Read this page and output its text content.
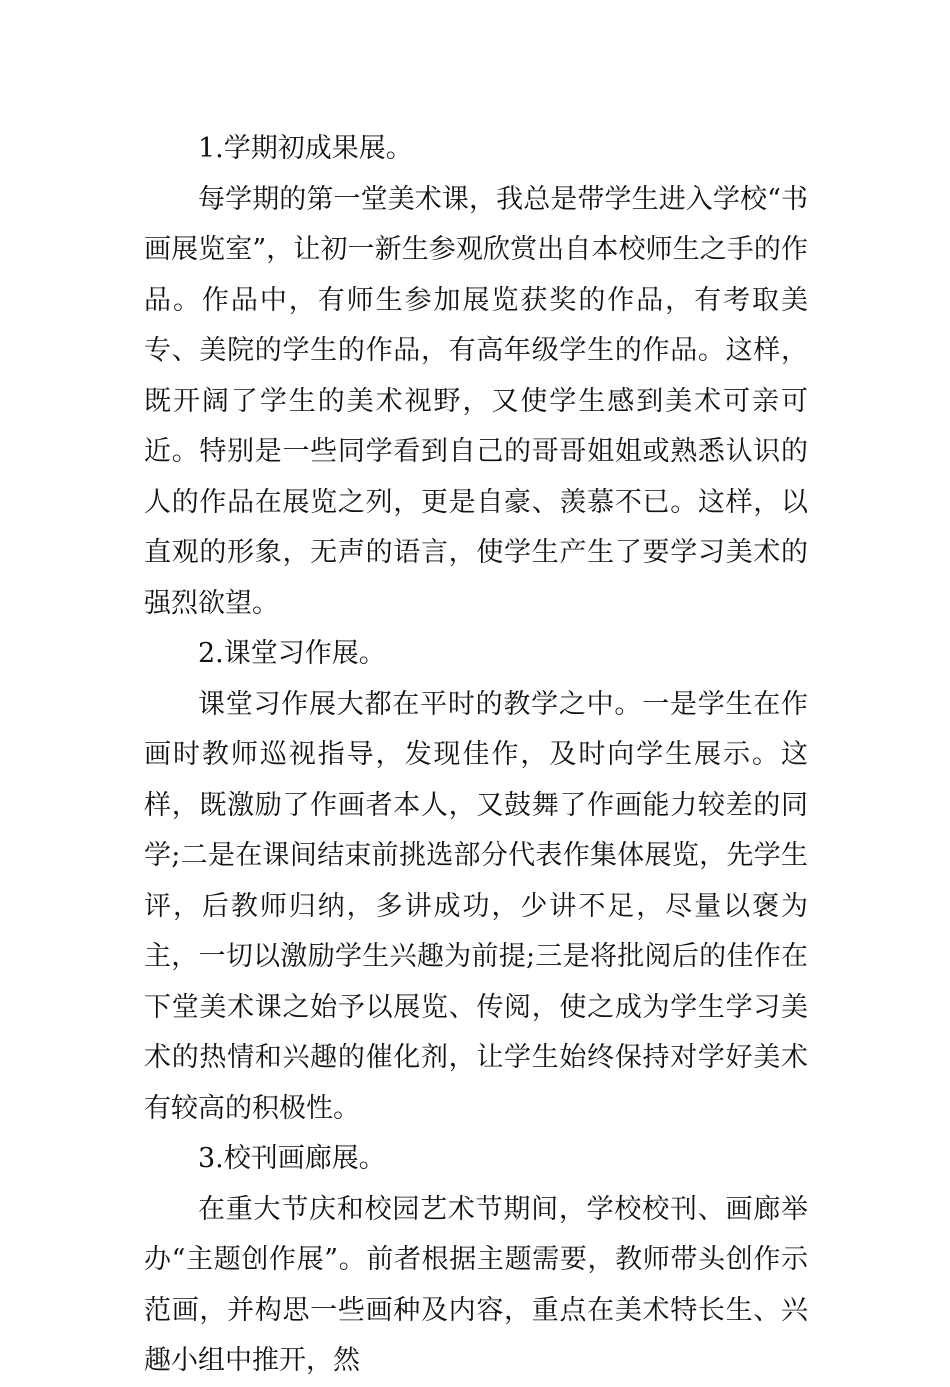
1.学期初成果展。

每学期的第一堂美术课，我总是带学生进入学校“书画展览室”，让初一新生参观欣赏出自本校师生之手的作品。作品中，有师生参加展览获奖的作品，有考取美专、美院的学生的作品，有高年级学生的作品。这样，既开阔了学生的美术视野，又使学生感到美术可亲可近。特别是一些同学看到自己的哥哥姐姐或熟悉认识的人的作品在展览之列，更是自豪、羡慕不已。这样，以直观的形象，无声的语言，使学生产生了要学习美术的强烈欲望。

2.课堂习作展。

课堂习作展大都在平时的教学之中。一是学生在作画时教师巡视指导，发现佳作，及时向学生展示。这样，既激励了作画者本人，又鼓舞了作画能力较差的同学;二是在课间结束前挑选部分代表作集体展览，先学生评，后教师归纳，多讲成功，少讲不足，尽量以褒为主，一切以激励学生兴趣为前提;三是将批阅后的佳作在下堂美术课之始予以展览、传阅，使之成为学生学习美术的热情和兴趣的催化剂，让学生始终保持对学好美术有较高的积极性。

3.校刊画廊展。

在重大节庆和校园艺术节期间，学校校刊、画廊举办“主题创作展”。前者根据主题需要，教师带头创作示范画，并构思一些画种及内容，重点在美术特长生、兴趣小组中推开，然
